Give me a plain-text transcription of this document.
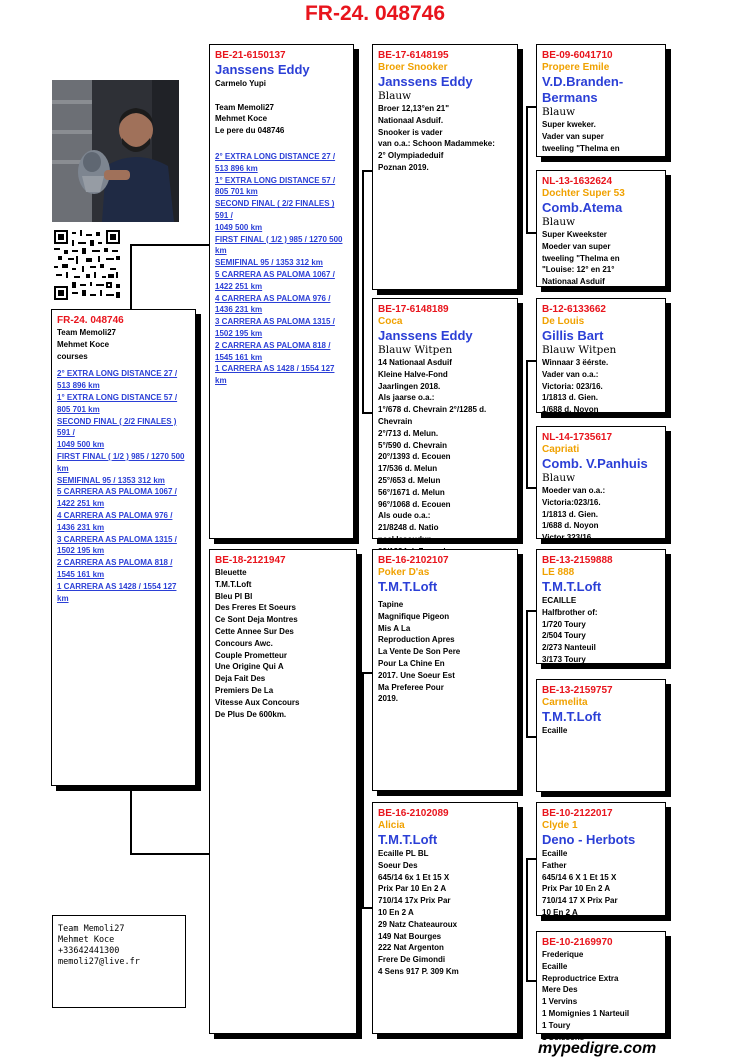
FR-24. 048746
FR-24. 048746
Team Memoli27
Mehmet Koce
courses
2° EXTRA LONG DISTANCE 27 /
513 896 km
1° EXTRA LONG DISTANCE 57 /
805 701 km
SECOND FINAL ( 2/2 FINALES ) 591 /
1049 500 km
FIRST FINAL ( 1/2 ) 985 / 1270 500 km
SEMIFINAL 95 / 1353 312 km
5 CARRERA AS PALOMA 1067 /
1422 251 km
4 CARRERA AS PALOMA 976 /
1436 231 km
3 CARRERA AS PALOMA 1315 /
1502 195 km
2 CARRERA AS PALOMA 818 /
1545 161 km
1 CARRERA AS 1428 / 1554 127 km
BE-21-6150137
Janssens Eddy
Carmelo Yupi

Team Memoli27
Mehmet Koce
Le pere du 048746
2° EXTRA LONG DISTANCE 27 /
513 896 km
1° EXTRA LONG DISTANCE 57 /
805 701 km
SECOND FINAL ( 2/2 FINALES ) 591 /
1049 500 km
FIRST FINAL ( 1/2 ) 985 / 1270 500 km
SEMIFINAL 95 / 1353 312 km
5 CARRERA AS PALOMA 1067 /
1422 251 km
4 CARRERA AS PALOMA 976 /
1436 231 km
3 CARRERA AS PALOMA 1315 /
1502 195 km
2 CARRERA AS PALOMA 818 /
1545 161 km
1 CARRERA AS 1428 / 1554 127 km
BE-18-2121947
Bleuette
T.M.T.Loft
Bleu Pl Bl
Des Freres Et Soeurs
Ce Sont Deja Montres
Cette Annee Sur Des
Concours Awc.
Couple Prometteur
Une Origine Qui A
Deja Fait Des
Premiers De La
Vitesse Aux Concours
De Plus De 600km.
BE-17-6148195
Broer Snooker
Janssens Eddy
Blauw
Broer 12,13°en 21"
Nationaal Asduif.
Snooker is vader
van o.a.: Schoon Madammeke:
2° Olympiadeduif
Poznan 2019.
BE-17-6148189
Coca
Janssens Eddy
Blauw Witpen
14 Nationaal Asduif
Kleine Halve-Fond
Jaarlingen 2018.
Als jaarse o.a.:
1°/678 d. Chevrain 2°/1285 d. Chevrain
2°/713 d. Melun.
5°/590 d. Chevrain
20°/1393 d. Ecouen
17/536 d. Melun
25°/653 d. Melun
56°/1671 d. Melun
96°/1068 d. Ecouen
Als oude o.a.:
21/8248 d. Natio
naal Issoudun.

BE-16-2102107
Poker D'as
T.M.T.Loft
Tapine
Magnifique Pigeon
Mis A La
Reproduction Apres
La Vente De Son Pere
Pour La Chine En
2017. Une Soeur Est
Ma Preferee Pour
2019.
BE-16-2102089
Alicia
T.M.T.Loft
Ecaille PL BL
Soeur Des
645/14 6x 1 Et 15 X
Prix Par 10 En 2 A
710/14 17x Prix Par
10 En 2 A
29 Natz Chateauroux
149 Nat Bourges
222 Nat Argenton
Frere De Gimondi
4 Sens 917 P. 309 Km
BE-09-6041710
Propere Emile
V.D.Branden-
Bermans
Blauw
Super kweker.
Vader van super
tweeling "Thelma en
NL-13-1632624
Dochter Super 53
Comb.Atema
Blauw
Super Kweekster
Moeder van super
tweeling "Thelma en
"Louise: 12° en 21°
Nationaal Asduif
B-12-6133662
De Louis
Gillis Bart
Blauw Witpen
Winnaar 3 ëérste.
Vader van o.a.:
Victoria: 023/16.
1/1813 d. Gien.
1/688 d. Noyon
NL-14-1735617
Capriati
Comb. V.Panhuis
Blauw
Moeder van o.a.:
Victoria:023/16.
1/1813 d. Gien.
1/688 d. Noyon
Victor 323/16
BE-13-2159888
LE 888
T.M.T.Loft
ECAILLE
Halfbrother of:
1/720 Toury
2/504 Toury
2/273 Nanteuil
3/173 Toury
BE-13-2159757
Carmelita
T.M.T.Loft
Ecaille
BE-10-2122017
Clyde 1
Deno - Herbots
Ecaille
Father
645/14 6 X 1 Et 15 X
Prix Par 10 En 2 A
710/14 17 X Prix Par
10 En 2 A
BE-10-2169970
Frederique
Ecaille
Reproductrice Extra
Mere Des
1 Vervins
1 Momignies 1 Narteuil
1 Toury
1 Soissons
Team Memoli27
Mehmet Koce
+33642441300
memoli27@live.fr
mypedigre.com
